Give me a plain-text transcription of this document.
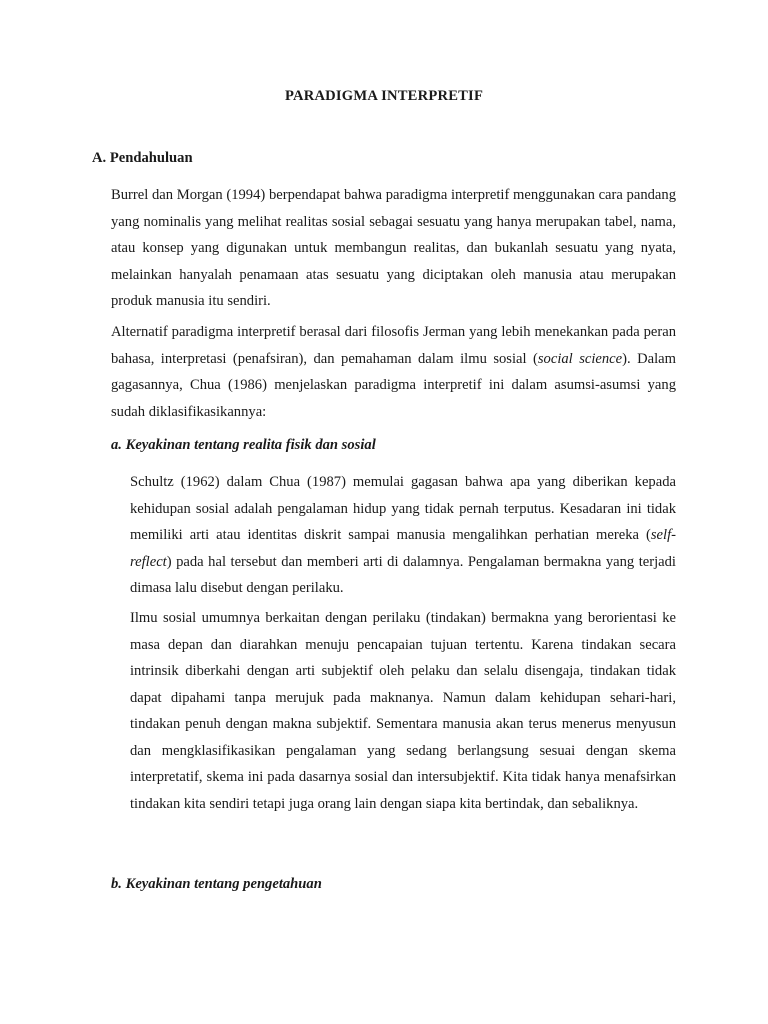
PARADIGMA INTERPRETIF
A. Pendahuluan

Burrel dan Morgan (1994) berpendapat bahwa paradigma interpretif menggunakan cara pandang yang nominalis yang melihat realitas sosial sebagai sesuatu yang hanya merupakan tabel, nama, atau konsep yang digunakan untuk membangun realitas, dan bukanlah sesuatu yang nyata, melainkan hanyalah penamaan atas sesuatu yang diciptakan oleh manusia atau merupakan produk manusia itu sendiri.

Alternatif paradigma interpretif berasal dari filosofis Jerman yang lebih menekankan pada peran bahasa, interpretasi (penafsiran), dan pemahaman dalam ilmu sosial (social science). Dalam gagasannya, Chua (1986) menjelaskan paradigma interpretif ini dalam asumsi-asumsi yang sudah diklasifikasikannya:

a. Keyakinan tentang realita fisik dan sosial

Schultz (1962) dalam Chua (1987) memulai gagasan bahwa apa yang diberikan kepada kehidupan sosial adalah pengalaman hidup yang tidak pernah terputus. Kesadaran ini tidak memiliki arti atau identitas diskrit sampai manusia mengalihkan perhatian mereka (self-reflect) pada hal tersebut dan memberi arti di dalamnya. Pengalaman bermakna yang terjadi dimasa lalu disebut dengan perilaku.

Ilmu sosial umumnya berkaitan dengan perilaku (tindakan) bermakna yang berorientasi ke masa depan dan diarahkan menuju pencapaian tujuan tertentu. Karena tindakan secara intrinsik diberkahi dengan arti subjektif oleh pelaku dan selalu disengaja, tindakan tidak dapat dipahami tanpa merujuk pada maknanya. Namun dalam kehidupan sehari-hari, tindakan penuh dengan makna subjektif. Sementara manusia akan terus menerus menyusun dan mengklasifikasikan pengalaman yang sedang berlangsung sesuai dengan skema interpretatif, skema ini pada dasarnya sosial dan intersubjektif. Kita tidak hanya menafsirkan tindakan kita sendiri tetapi juga orang lain dengan siapa kita bertindak, dan sebaliknya.

b. Keyakinan tentang pengetahuan
